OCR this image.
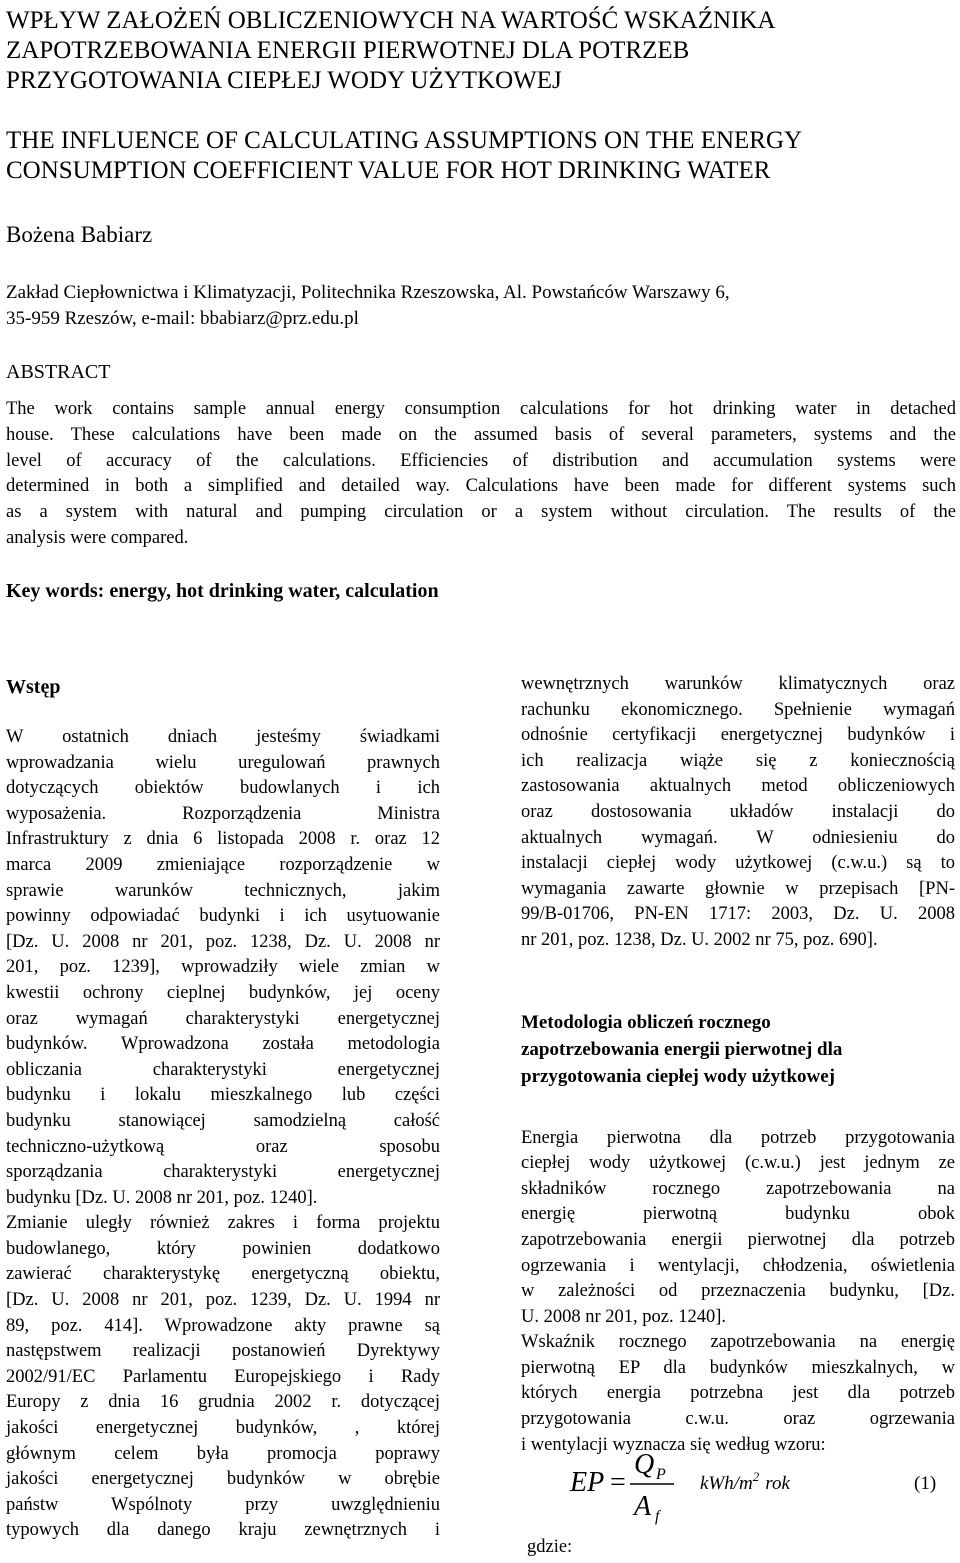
WPŁYW ZAŁOŻEŃ OBLICZENIOWYCH NA WARTOŚĆ WSKAŹNIKA
ZAPOTRZEBOWANIA ENERGII PIERWOTNEJ DLA POTRZEB
PRZYGOTOWANIA CIEPŁEJ WODY UŻYTKOWEJ
THE INFLUENCE OF CALCULATING ASSUMPTIONS ON THE ENERGY
CONSUMPTION COEFFICIENT VALUE FOR HOT DRINKING WATER
Bożena Babiarz
Zakład Ciepłownictwa i Klimatyzacji, Politechnika Rzeszowska, Al. Powstańców Warszawy 6,
35-959 Rzeszów, e-mail: bbabiarz@prz.edu.pl
ABSTRACT
The work contains sample annual energy consumption calculations for hot drinking water in detached
house. These calculations have been made on the assumed basis of several parameters, systems and the
level of accuracy of the calculations. Efficiencies of distribution and accumulation systems were
determined in both a simplified and detailed way. Calculations have been made for different systems such
as a system with natural and pumping circulation or a system without circulation. The results of the
analysis were compared.
Key words: energy, hot drinking water, calculation
Wstęp
W ostatnich dniach jesteśmy świadkami
wprowadzania wielu uregulowań prawnych
dotyczących obiektów budowlanych i ich
wyposażenia. Rozporządzenia Ministra
Infrastruktury z dnia 6 listopada 2008 r. oraz 12
marca 2009 zmieniające rozporządzenie w
sprawie warunków technicznych, jakim
powinny odpowiadać budynki i ich usytuowanie
[Dz. U. 2008 nr 201, poz. 1238, Dz. U. 2008 nr
201, poz. 1239], wprowadziły wiele zmian w
kwestii ochrony cieplnej budynków, jej oceny
oraz wymagań charakterystyki energetycznej
budynków. Wprowadzona została metodologia
obliczania charakterystyki energetycznej
budynku i lokalu mieszkalnego lub części
budynku stanowiącej samodzielną całość
techniczno-użytkową oraz sposobu
sporządzania charakterystyki energetycznej
budynku [Dz. U. 2008 nr 201, poz. 1240].
Zmianie uległy również zakres i forma projektu
budowlanego, który powinien dodatkowo
zawierać charakterystykę energetyczną obiektu,
[Dz. U. 2008 nr 201, poz. 1239, Dz. U. 1994 nr
89, poz. 414]. Wprowadzone akty prawne są
następstwem realizacji postanowień Dyrektywy
2002/91/EC Parlamentu Europejskiego i Rady
Europy z dnia 16 grudnia 2002 r. dotyczącej
jakości energetycznej budynków, , której
głównym celem była promocja poprawy
jakości energetycznej budynków w obrębie
państw Wspólnoty przy uwzględnieniu
typowych dla danego kraju zewnętrznych i
wewnętrznych warunków klimatycznych oraz
rachunku ekonomicznego. Spełnienie wymagań
odnośnie certyfikacji energetycznej budynków i
ich realizacja wiąże się z koniecznością
zastosowania aktualnych metod obliczeniowych
oraz dostosowania układów instalacji do
aktualnych wymagań. W odniesieniu do
instalacji ciepłej wody użytkowej (c.w.u.) są to
wymagania zawarte głownie w przepisach [PN-
99/B-01706, PN-EN 1717: 2003, Dz. U. 2008
nr 201, poz. 1238, Dz. U. 2002 nr 75, poz. 690].
Metodologia obliczeń rocznego
zapotrzebowania energii pierwotnej dla
przygotowania ciepłej wody użytkowej
Energia pierwotna dla potrzeb przygotowania
ciepłej wody użytkowej (c.w.u.) jest jednym ze
składników rocznego zapotrzebowania na
energię pierwotną budynku obok
zapotrzebowania energii pierwotnej dla potrzeb
ogrzewania i wentylacji, chłodzenia, oświetlenia
w zależności od przeznaczenia budynku, [Dz.
U. 2008 nr 201, poz. 1240].
Wskaźnik rocznego zapotrzebowania na energię
pierwotną EP dla budynków mieszkalnych, w
których energia potrzebna jest dla potrzeb
przygotowania c.w.u. oraz ogrzewania
i wentylacji wyznacza się według wzoru:
EP =
Q P
A f
kWh/$m^2$ rok	(1)
gdzie:
